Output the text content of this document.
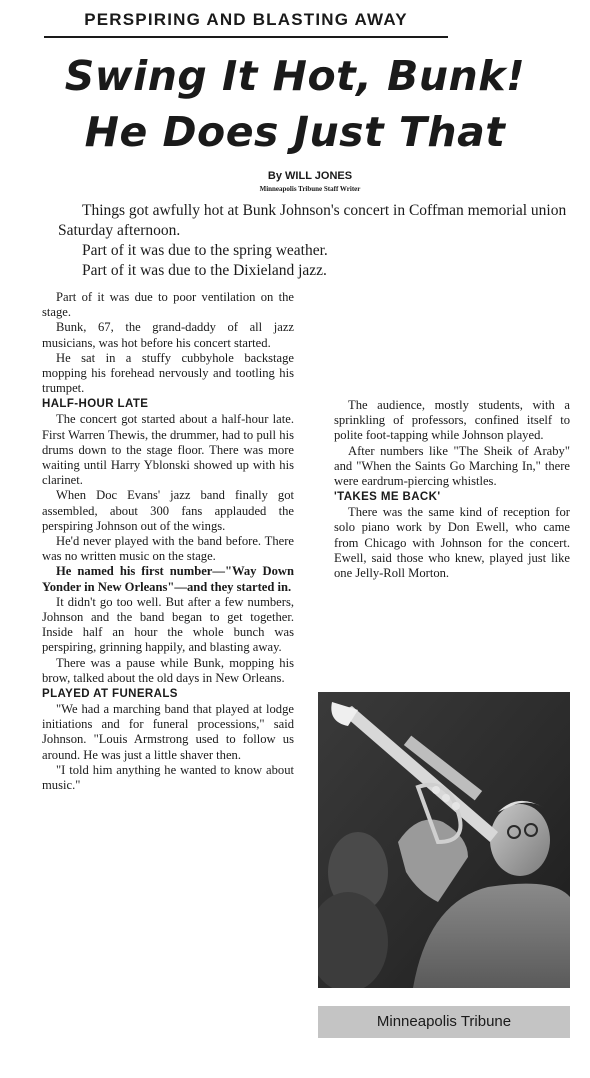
PERSPIRING AND BLASTING AWAY
Swing It Hot, Bunk!
He Does Just That

By WILL JONES

Minneapolis Tribune Staff Writer

Things got awfully hot at Bunk Johnson's concert in Coffman memorial union Saturday afternoon.

Part of it was due to the spring weather.

Part of it was due to the Dixieland jazz.

Part of it was due to poor ventilation on the stage.

Bunk, 67, the grand-daddy of all jazz musicians, was hot before his concert started.

He sat in a stuffy cubbyhole backstage mopping his forehead nervously and tootling his trumpet.

HALF-HOUR LATE

The concert got started about a half-hour late. First Warren Thewis, the drummer, had to pull his drums down to the stage floor. There was more waiting until Harry Yblonski showed up with his clarinet.

When Doc Evans' jazz band finally got assembled, about 300 fans applauded the perspiring Johnson out of the wings.

He'd never played with the band before. There was no written music on the stage.

He named his first number—"Way Down Yonder in New Orleans"—and they started in.

It didn't go too well. But after a few numbers, Johnson and the band began to get together. Inside half an hour the whole bunch was perspiring, grinning happily, and blasting away.

There was a pause while Bunk, mopping his brow, talked about the old days in New Orleans.

PLAYED AT FUNERALS

"We had a marching band that played at lodge initiations and for funeral processions," said Johnson. "Louis Armstrong used to follow us around. He was just a little shaver then.

"I told him anything he wanted to know about music."

The audience, mostly students, with a sprinkling of professors, confined itself to polite foot-tapping while Johnson played.

After numbers like "The Sheik of Araby" and "When the Saints Go Marching In," there were eardrum-piercing whistles.

'TAKES ME BACK'

There was the same kind of reception for solo piano work by Don Ewell, who came from Chicago with Johnson for the concert. Ewell, said those who knew, played just like one Jelly-Roll Morton.

Minneapolis Tribune
